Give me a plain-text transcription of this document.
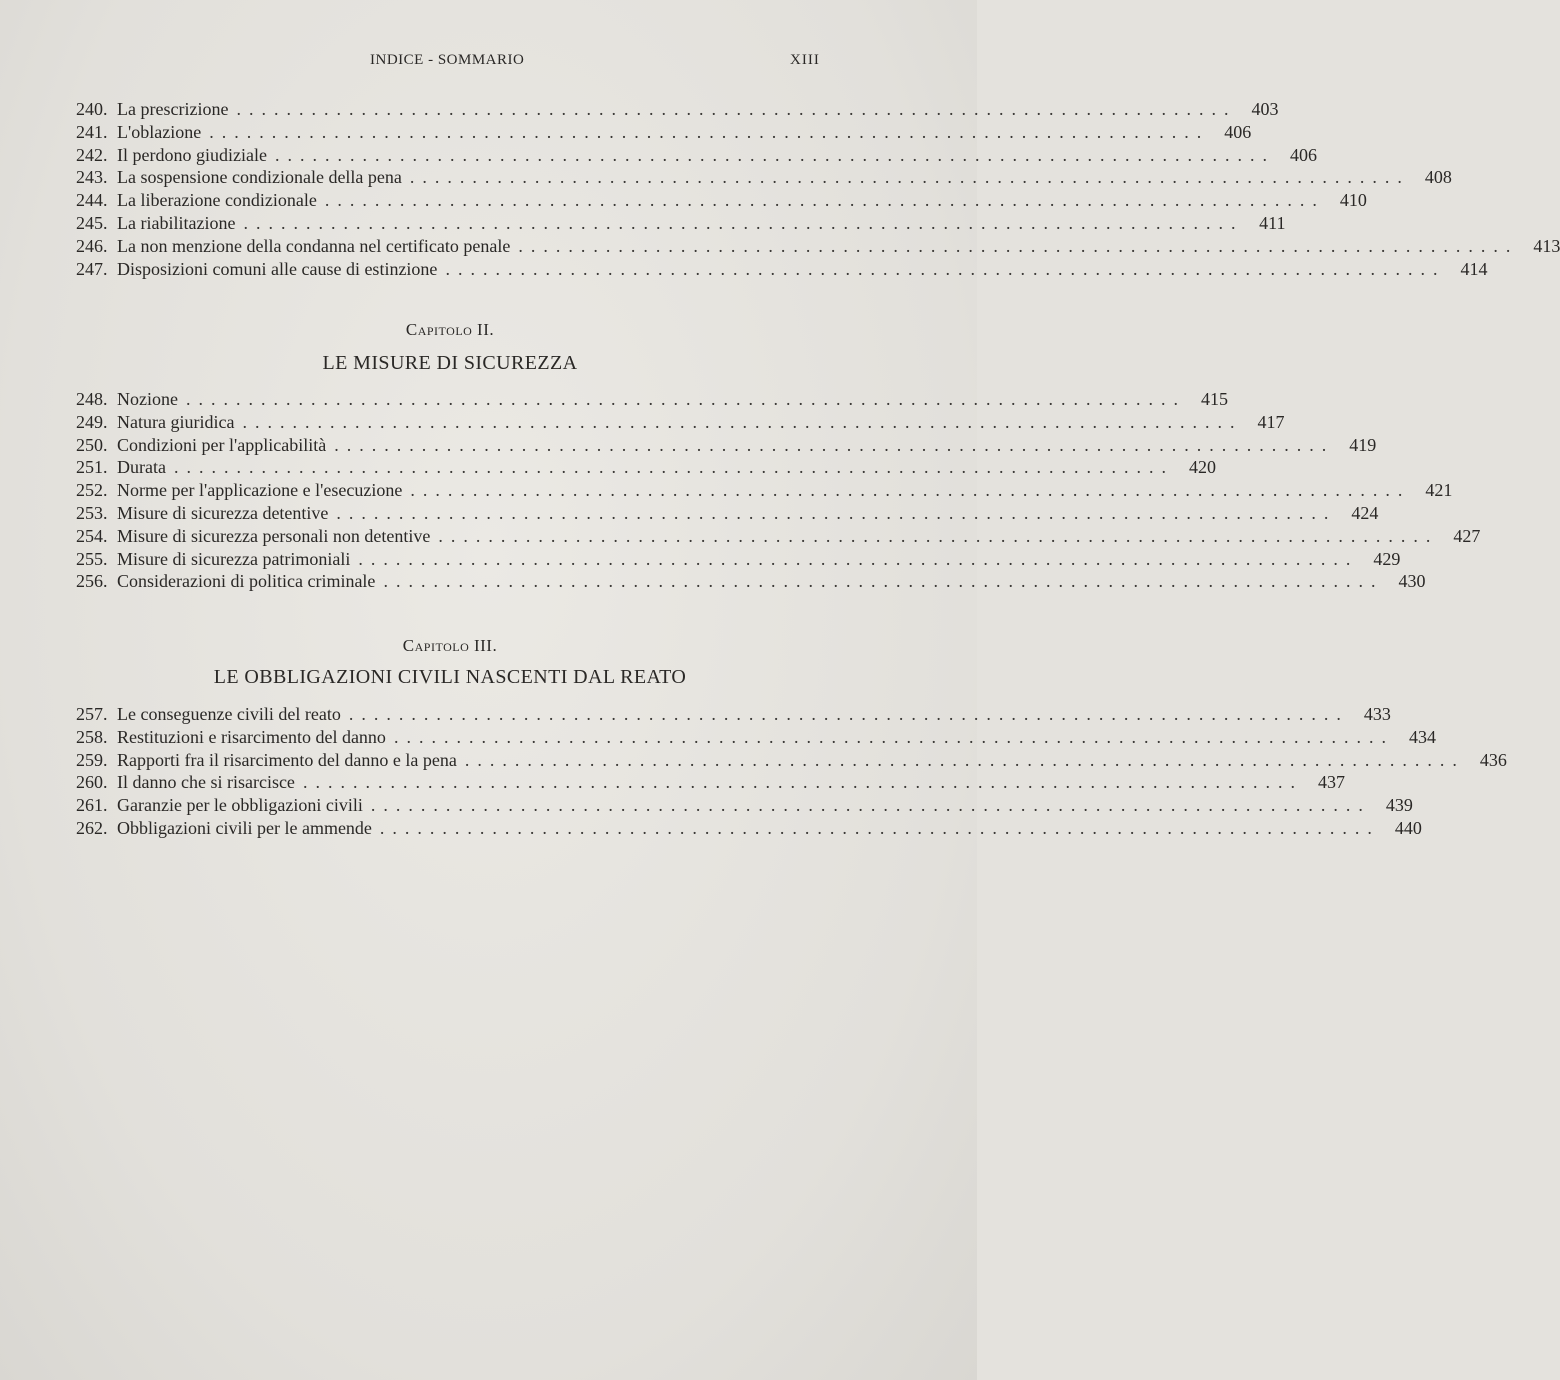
INDICE - SOMMARIO	XIII
240. La prescrizione ................................................................................ 403
241. L'oblazione ................................................................................ 406
242. Il perdono giudiziale ................................................................................ 406
243. La sospensione condizionale della pena ................................................................................ 408
244. La liberazione condizionale ................................................................................ 410
245. La riabilitazione ................................................................................ 411
246. La non menzione della condanna nel certificato penale ................................................................................ 413
247. Disposizioni comuni alle cause di estinzione ................................................................................ 414
Capitolo II.
LE MISURE DI SICUREZZA
248. Nozione ................................................................................ 415
249. Natura giuridica ................................................................................ 417
250. Condizioni per l'applicabilità ................................................................................ 419
251. Durata ................................................................................ 420
252. Norme per l'applicazione e l'esecuzione ................................................................................ 421
253. Misure di sicurezza detentive ................................................................................ 424
254. Misure di sicurezza personali non detentive ................................................................................ 427
255. Misure di sicurezza patrimoniali ................................................................................ 429
256. Considerazioni di politica criminale ................................................................................ 430
Capitolo III.
LE OBBLIGAZIONI CIVILI NASCENTI DAL REATO
257. Le conseguenze civili del reato ................................................................................ 433
258. Restituzioni e risarcimento del danno ................................................................................ 434
259. Rapporti fra il risarcimento del danno e la pena ................................................................................ 436
260. Il danno che si risarcisce ................................................................................ 437
261. Garanzie per le obbligazioni civili ................................................................................ 439
262. Obbligazioni civili per le ammende ................................................................................ 440
